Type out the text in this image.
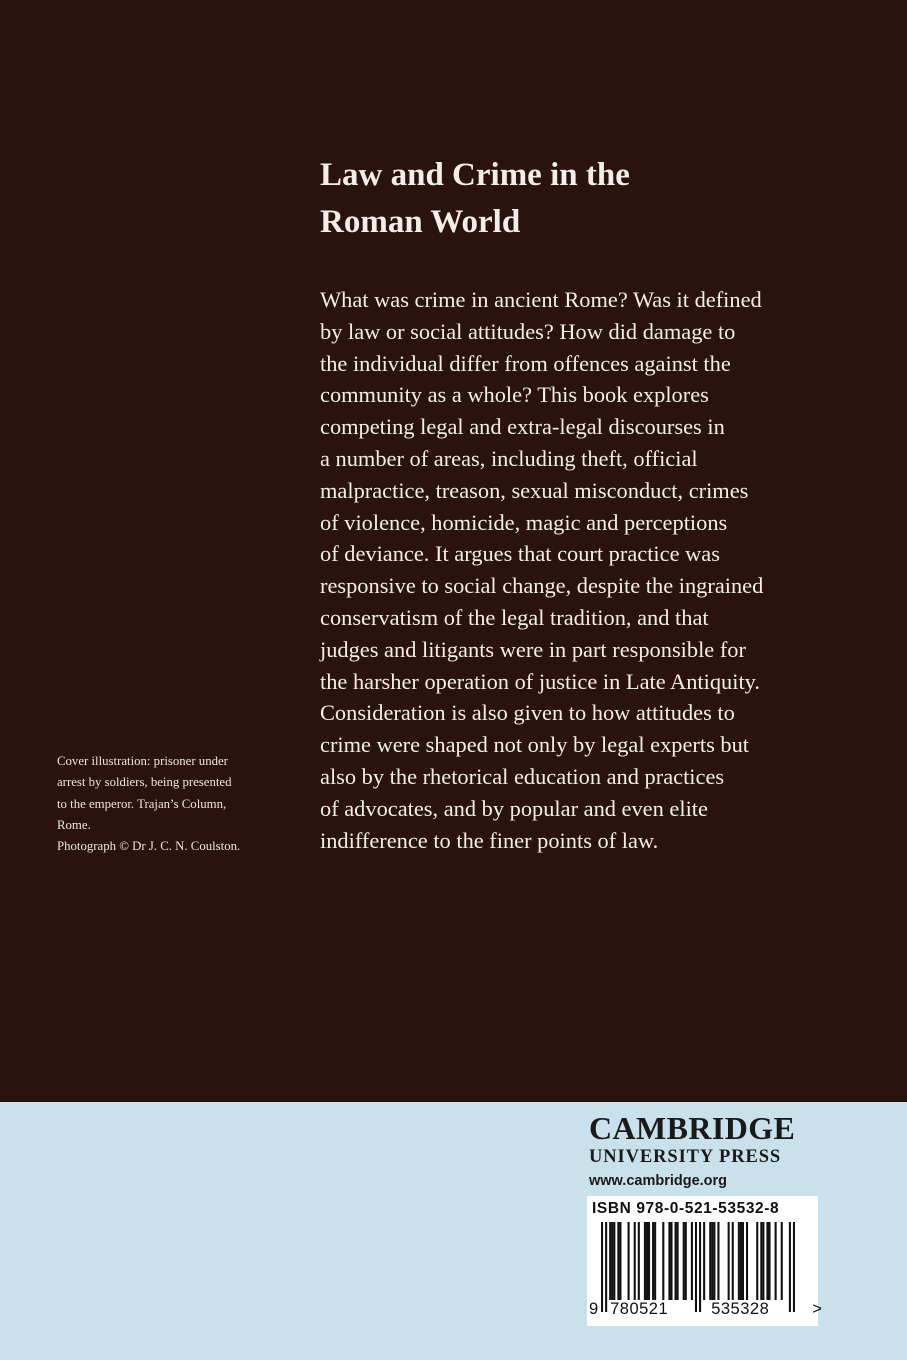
Law and Crime in the
Roman World

What was crime in ancient Rome? Was it defined
by law or social attitudes? How did damage to
the individual differ from offences against the
community as a whole? This book explores
competing legal and extra-legal discourses in
a number of areas, including theft, official
malpractice, treason, sexual misconduct, crimes
of violence, homicide, magic and perceptions
of deviance. It argues that court practice was
responsive to social change, despite the ingrained
conservatism of the legal tradition, and that
judges and litigants were in part responsible for
the harsher operation of justice in Late Antiquity.
Consideration is also given to how attitudes to
crime were shaped not only by legal experts but
also by the rhetorical education and practices
of advocates, and by popular and even elite
indifference to the finer points of law.

Cover illustration: prisoner under
arrest by soldiers, being presented
to the emperor. Trajan’s Column,
Rome.
Photograph © Dr J. C. N. Coulston.

CAMBRIDGE
UNIVERSITY PRESS
www.cambridge.org
ISBN 978-0-521-53532-8
9 780521	535328	>
